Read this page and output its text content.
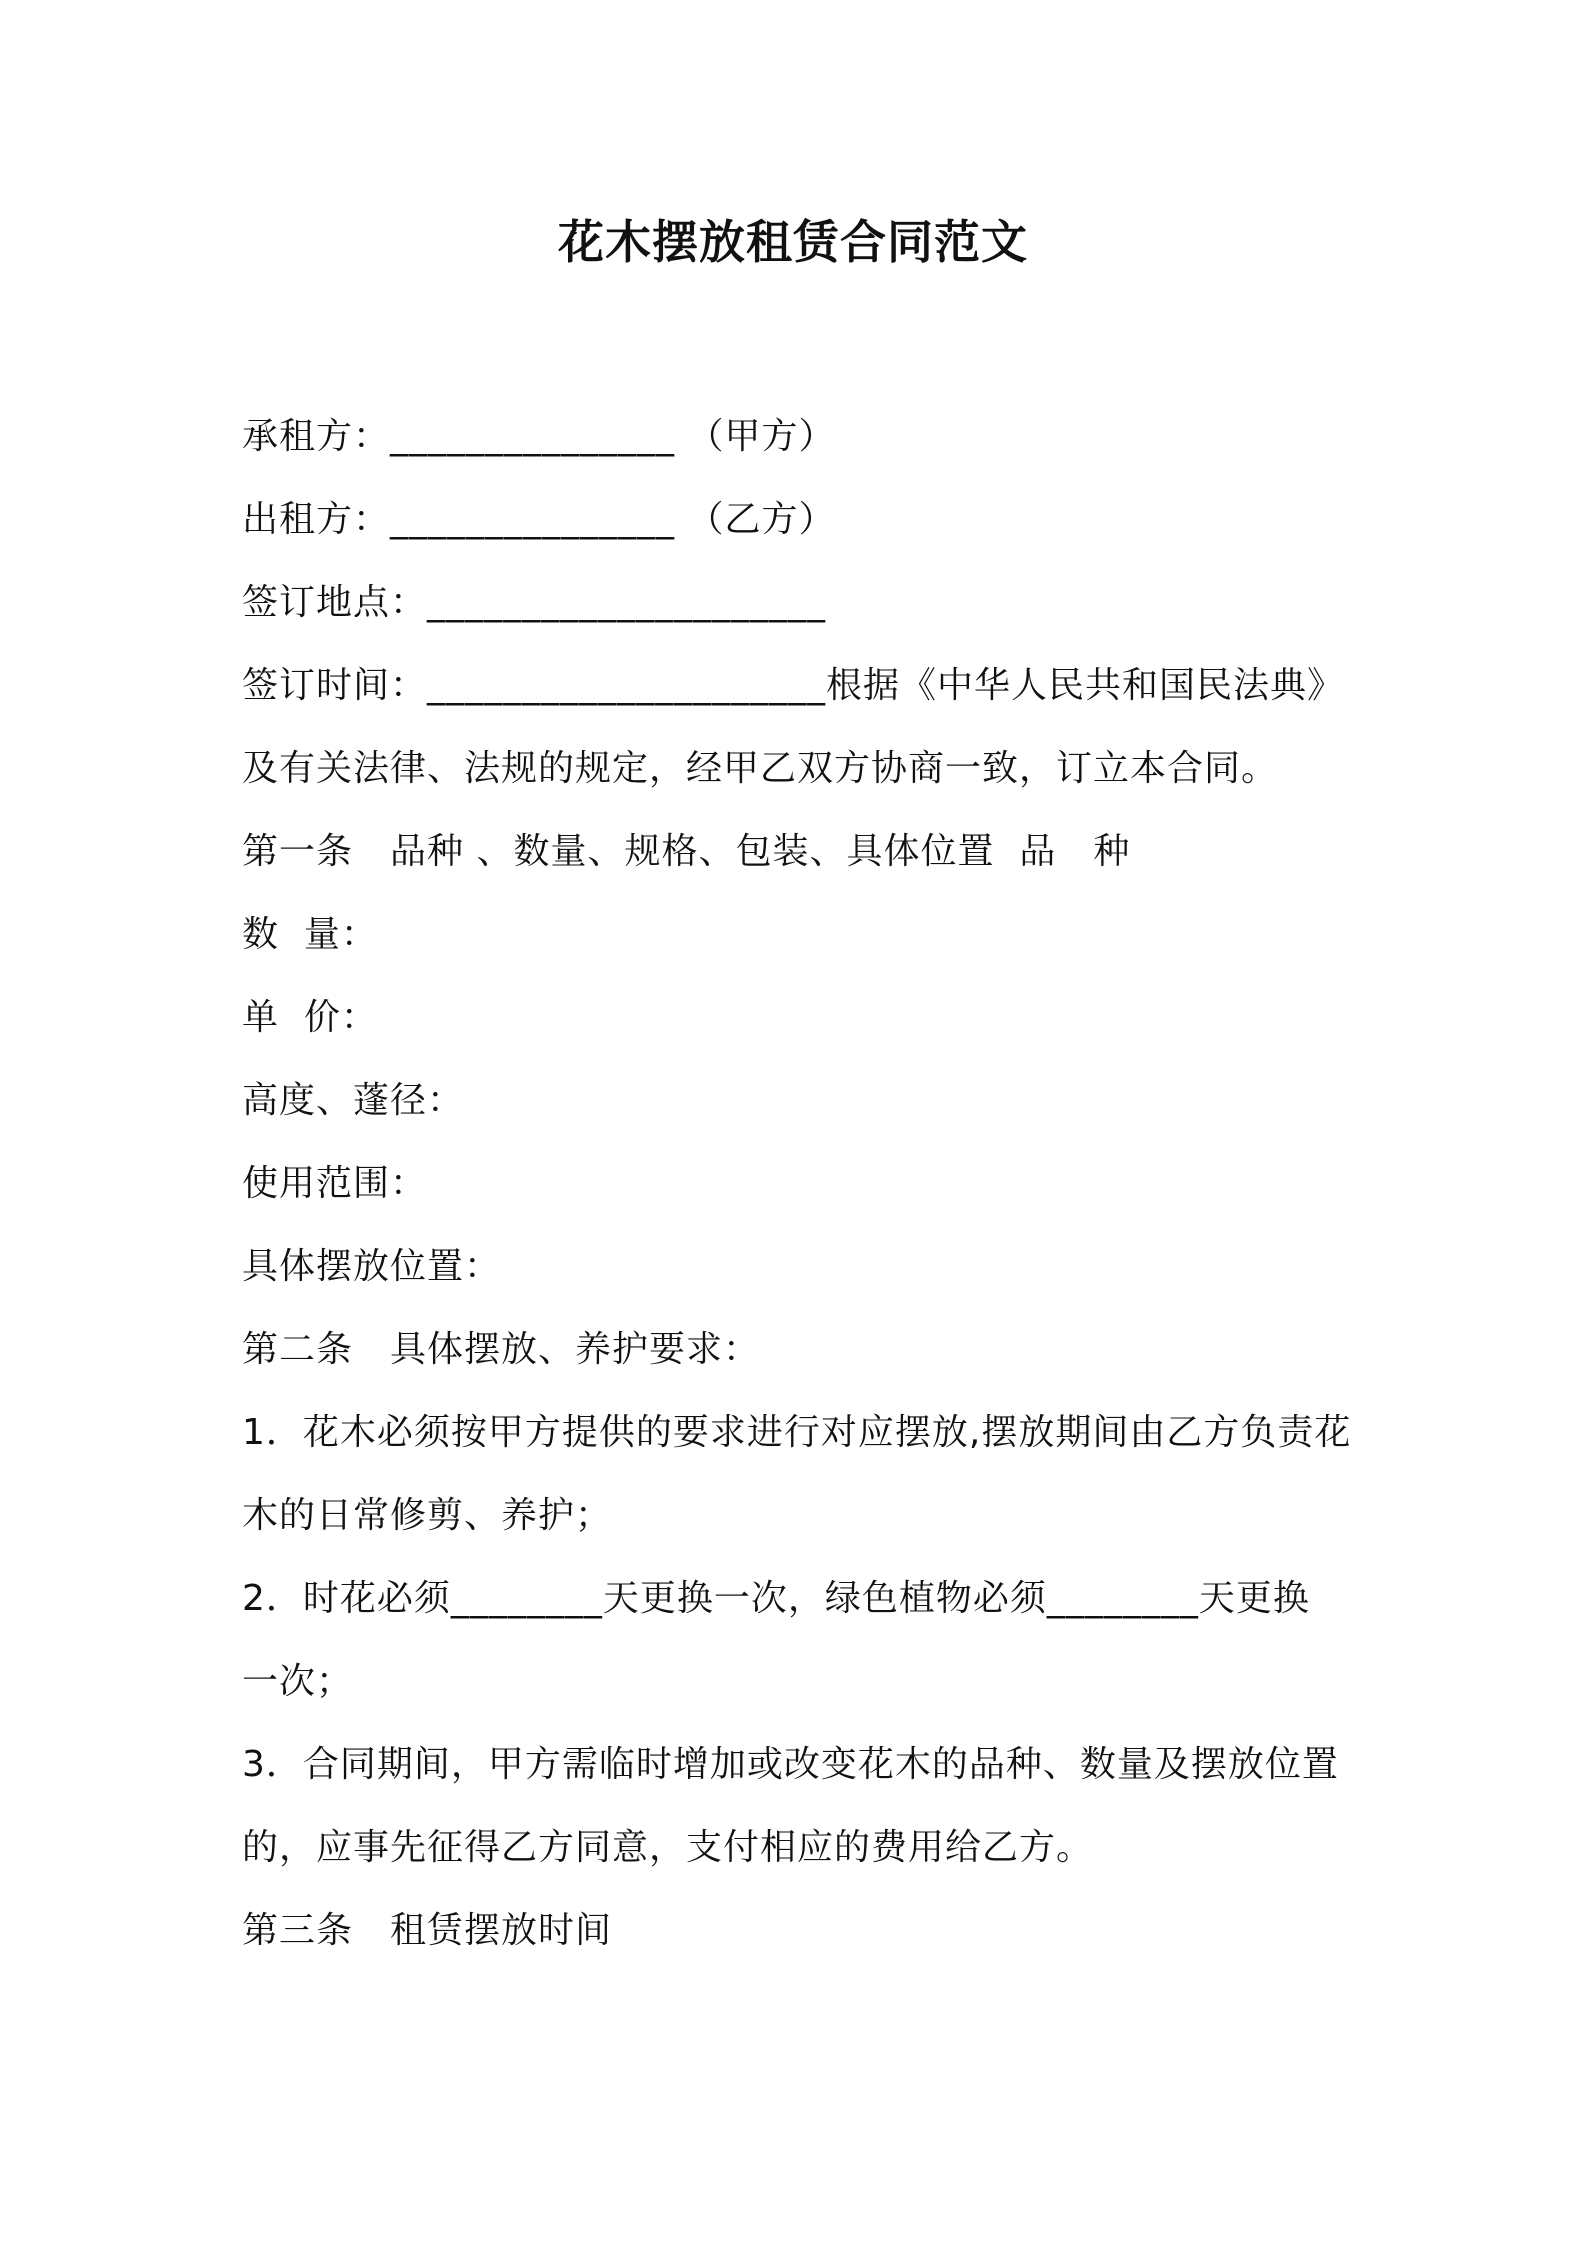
花木摆放租赁合同范文
承租方：_______________ （甲方）
出租方：_______________ （乙方）
签订地点：_____________________
签订时间：_____________________根据《中华人民共和国民法典》
及有关法律、法规的规定，经甲乙双方协商一致，订立本合同。
第一条　品种 、数量、规格、包装、具体位置  品　种
数  量：
单  价：
高度、蓬径：
使用范围：
具体摆放位置：
第二条　具体摆放、养护要求：
1．花木必须按甲方提供的要求进行对应摆放,摆放期间由乙方负责花
木的日常修剪、养护；
2．时花必须________天更换一次，绿色植物必须________天更换
一次；
3．合同期间，甲方需临时增加或改变花木的品种、数量及摆放位置
的，应事先征得乙方同意，支付相应的费用给乙方。
第三条　租赁摆放时间
